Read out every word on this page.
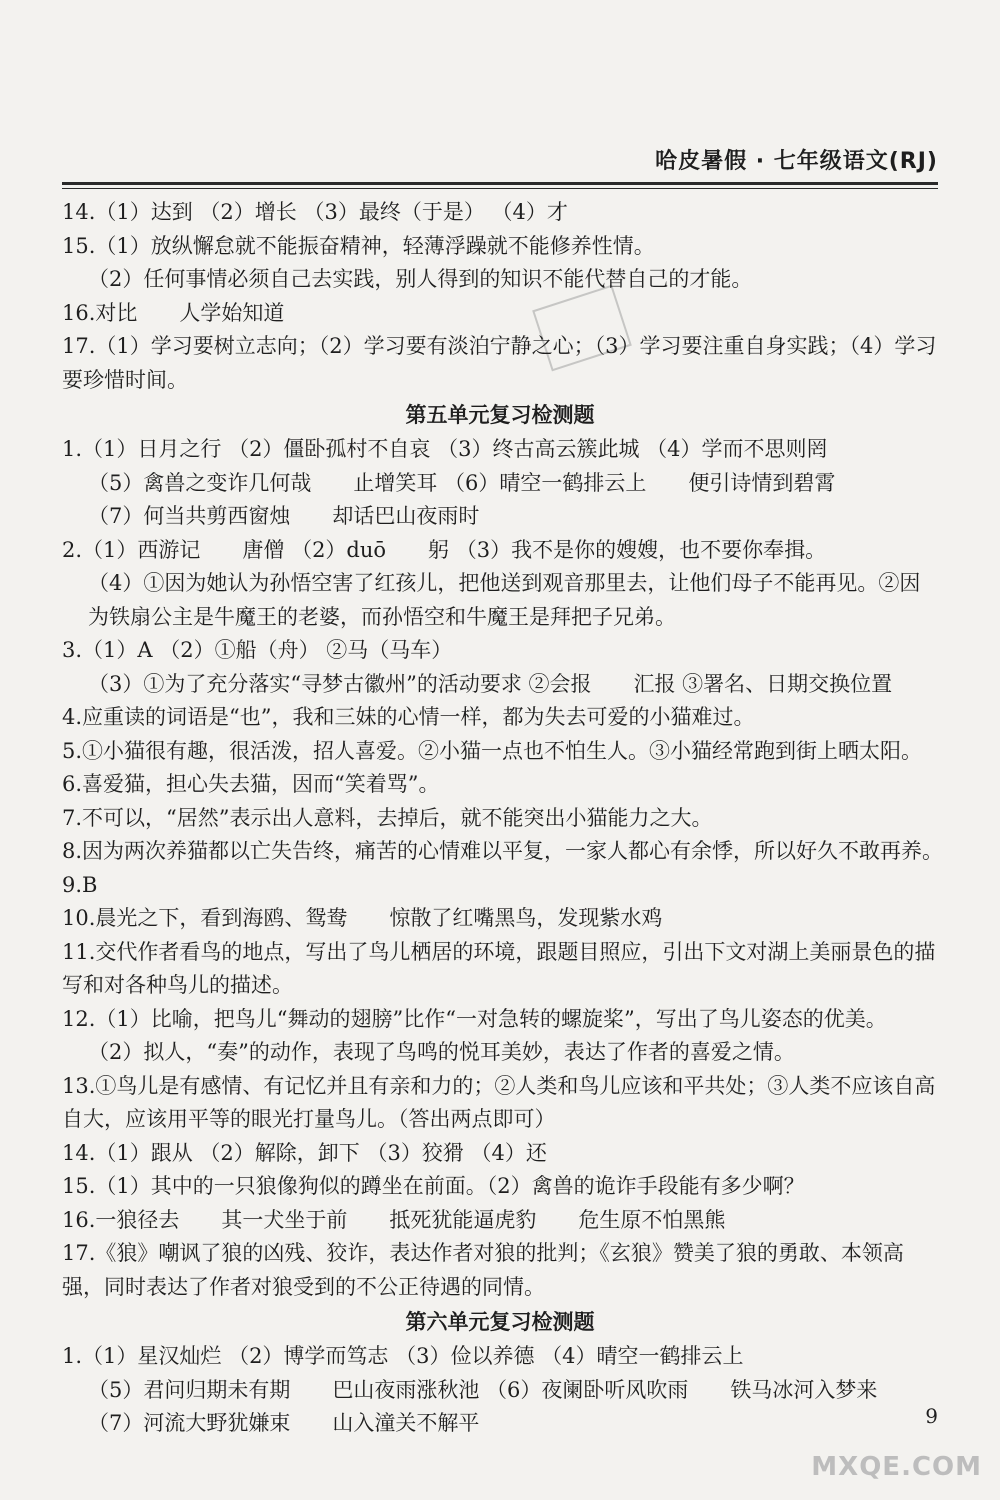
哈皮暑假 · 七年级语文(RJ)
14.（1）达到 （2）增长 （3）最终（于是） （4）才
15.（1）放纵懈怠就不能振奋精神，轻薄浮躁就不能修养性情。
（2）任何事情必须自己去实践，别人得到的知识不能代替自己的才能。
16.对比　　人学始知道
17.（1）学习要树立志向；（2）学习要有淡泊宁静之心；（3）学习要注重自身实践；（4）学习要珍惜时间。
第五单元复习检测题
1.（1）日月之行 （2）僵卧孤村不自哀 （3）终古高云簇此城 （4）学而不思则罔
（5）禽兽之变诈几何哉　　止增笑耳 （6）晴空一鹤排云上　　便引诗情到碧霄
（7）何当共剪西窗烛　　却话巴山夜雨时
2.（1）西游记　　唐僧 （2）duō　　躬 （3）我不是你的嫂嫂，也不要你奉揖。
（4）①因为她认为孙悟空害了红孩儿，把他送到观音那里去，让他们母子不能再见。②因为铁扇公主是牛魔王的老婆，而孙悟空和牛魔王是拜把子兄弟。
3.（1）A （2）①船（舟） ②马（马车）
（3）①为了充分落实“寻梦古徽州”的活动要求 ②会报　　汇报 ③署名、日期交换位置
4.应重读的词语是“也”，我和三妹的心情一样，都为失去可爱的小猫难过。
5.①小猫很有趣，很活泼，招人喜爱。②小猫一点也不怕生人。③小猫经常跑到街上晒太阳。
6.喜爱猫，担心失去猫，因而“笑着骂”。
7.不可以，“居然”表示出人意料，去掉后，就不能突出小猫能力之大。
8.因为两次养猫都以亡失告终，痛苦的心情难以平复，一家人都心有余悸，所以好久不敢再养。
9.B
10.晨光之下，看到海鸥、鸳鸯　　惊散了红嘴黑鸟，发现紫水鸡
11.交代作者看鸟的地点，写出了鸟儿栖居的环境，跟题目照应，引出下文对湖上美丽景色的描写和对各种鸟儿的描述。
12.（1）比喻，把鸟儿“舞动的翅膀”比作“一对急转的螺旋桨”，写出了鸟儿姿态的优美。
（2）拟人，“奏”的动作，表现了鸟鸣的悦耳美妙，表达了作者的喜爱之情。
13.①鸟儿是有感情、有记忆并且有亲和力的；②人类和鸟儿应该和平共处；③人类不应该自高自大，应该用平等的眼光打量鸟儿。（答出两点即可）
14.（1）跟从 （2）解除，卸下 （3）狡猾 （4）还
15.（1）其中的一只狼像狗似的蹲坐在前面。（2）禽兽的诡诈手段能有多少啊？
16.一狼径去　　其一犬坐于前　　抵死犹能逼虎豹　　危生原不怕黑熊
17.《狼》嘲讽了狼的凶残、狡诈，表达作者对狼的批判；《玄狼》赞美了狼的勇敢、本领高强，同时表达了作者对狼受到的不公正待遇的同情。
第六单元复习检测题
1.（1）星汉灿烂 （2）博学而笃志 （3）俭以养德 （4）晴空一鹤排云上
（5）君问归期未有期　　巴山夜雨涨秋池 （6）夜阑卧听风吹雨　　铁马冰河入梦来
（7）河流大野犹嫌束　　山入潼关不解平	9
MXQE.COM
